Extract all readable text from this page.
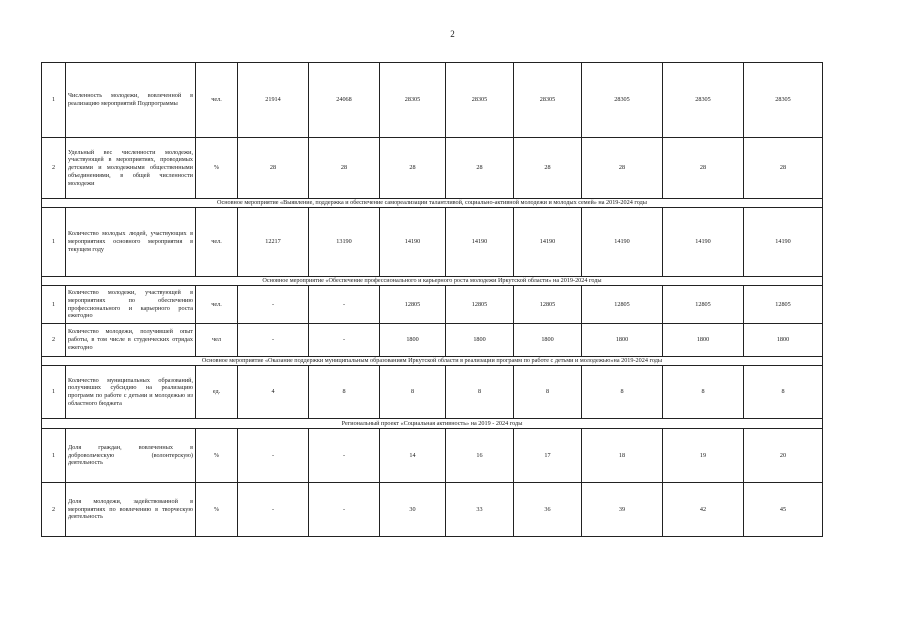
2
1	Численность молодежи, вовлеченной в реализацию мероприятий Подпрограммы	чел.	21914	24068	28305	28305	28305	28305	28305	28305
2	Удельный вес численности молодежи, участвующей в мероприятиях, проводимых детскими и молодежными общественными объединениями, в общей численности молодежи	%	28	28	28	28	28	28	28	28
Основное мероприятие «Выявление, поддержка и обеспечение самореализации талантливой, социально-активной молодежи и молодых семей» на 2019-2024 годы										
1	Количество молодых людей, участвующих в мероприятиях основного мероприятия в текущем году	чел.	12217	13190	14190	14190	14190	14190	14190	14190
Основное мероприятие «Обеспечение профессионального и карьерного роста молодежи Иркутской области» на 2019-2024 годы										
1	Количество молодежи, участвующей в мероприятиях по обеспечению профессионального и карьерного роста ежегодно	чел.	-	-	12805	12805	12805	12805	12805	12805
2	Количество молодежи, получившей опыт работы, в том числе в студенческих отрядах ежегодно	чел	-	-	1800	1800	1800	1800	1800	1800
Основное мероприятие «Оказание поддержки муниципальным образованиям Иркутской области в реализации программ по работе с детьми и молодежью»на 2019-2024 годы										
1	Количество муниципальных образований, получивших субсидию на реализацию программ по работе с детьми и молодежью из областного бюджета	ед.	4	8	8	8	8	8	8	8
Региональный проект «Социальная активность» на 2019 - 2024 годы										
1	Доля граждан, вовлеченных в добровольческую (волонтерскую) деятельность	%	-	-	14	16	17	18	19	20
2	Доля молодежи, задействованной в мероприятиях по вовлечению в творческую деятельность	%	-	-	30	33	36	39	42	45
